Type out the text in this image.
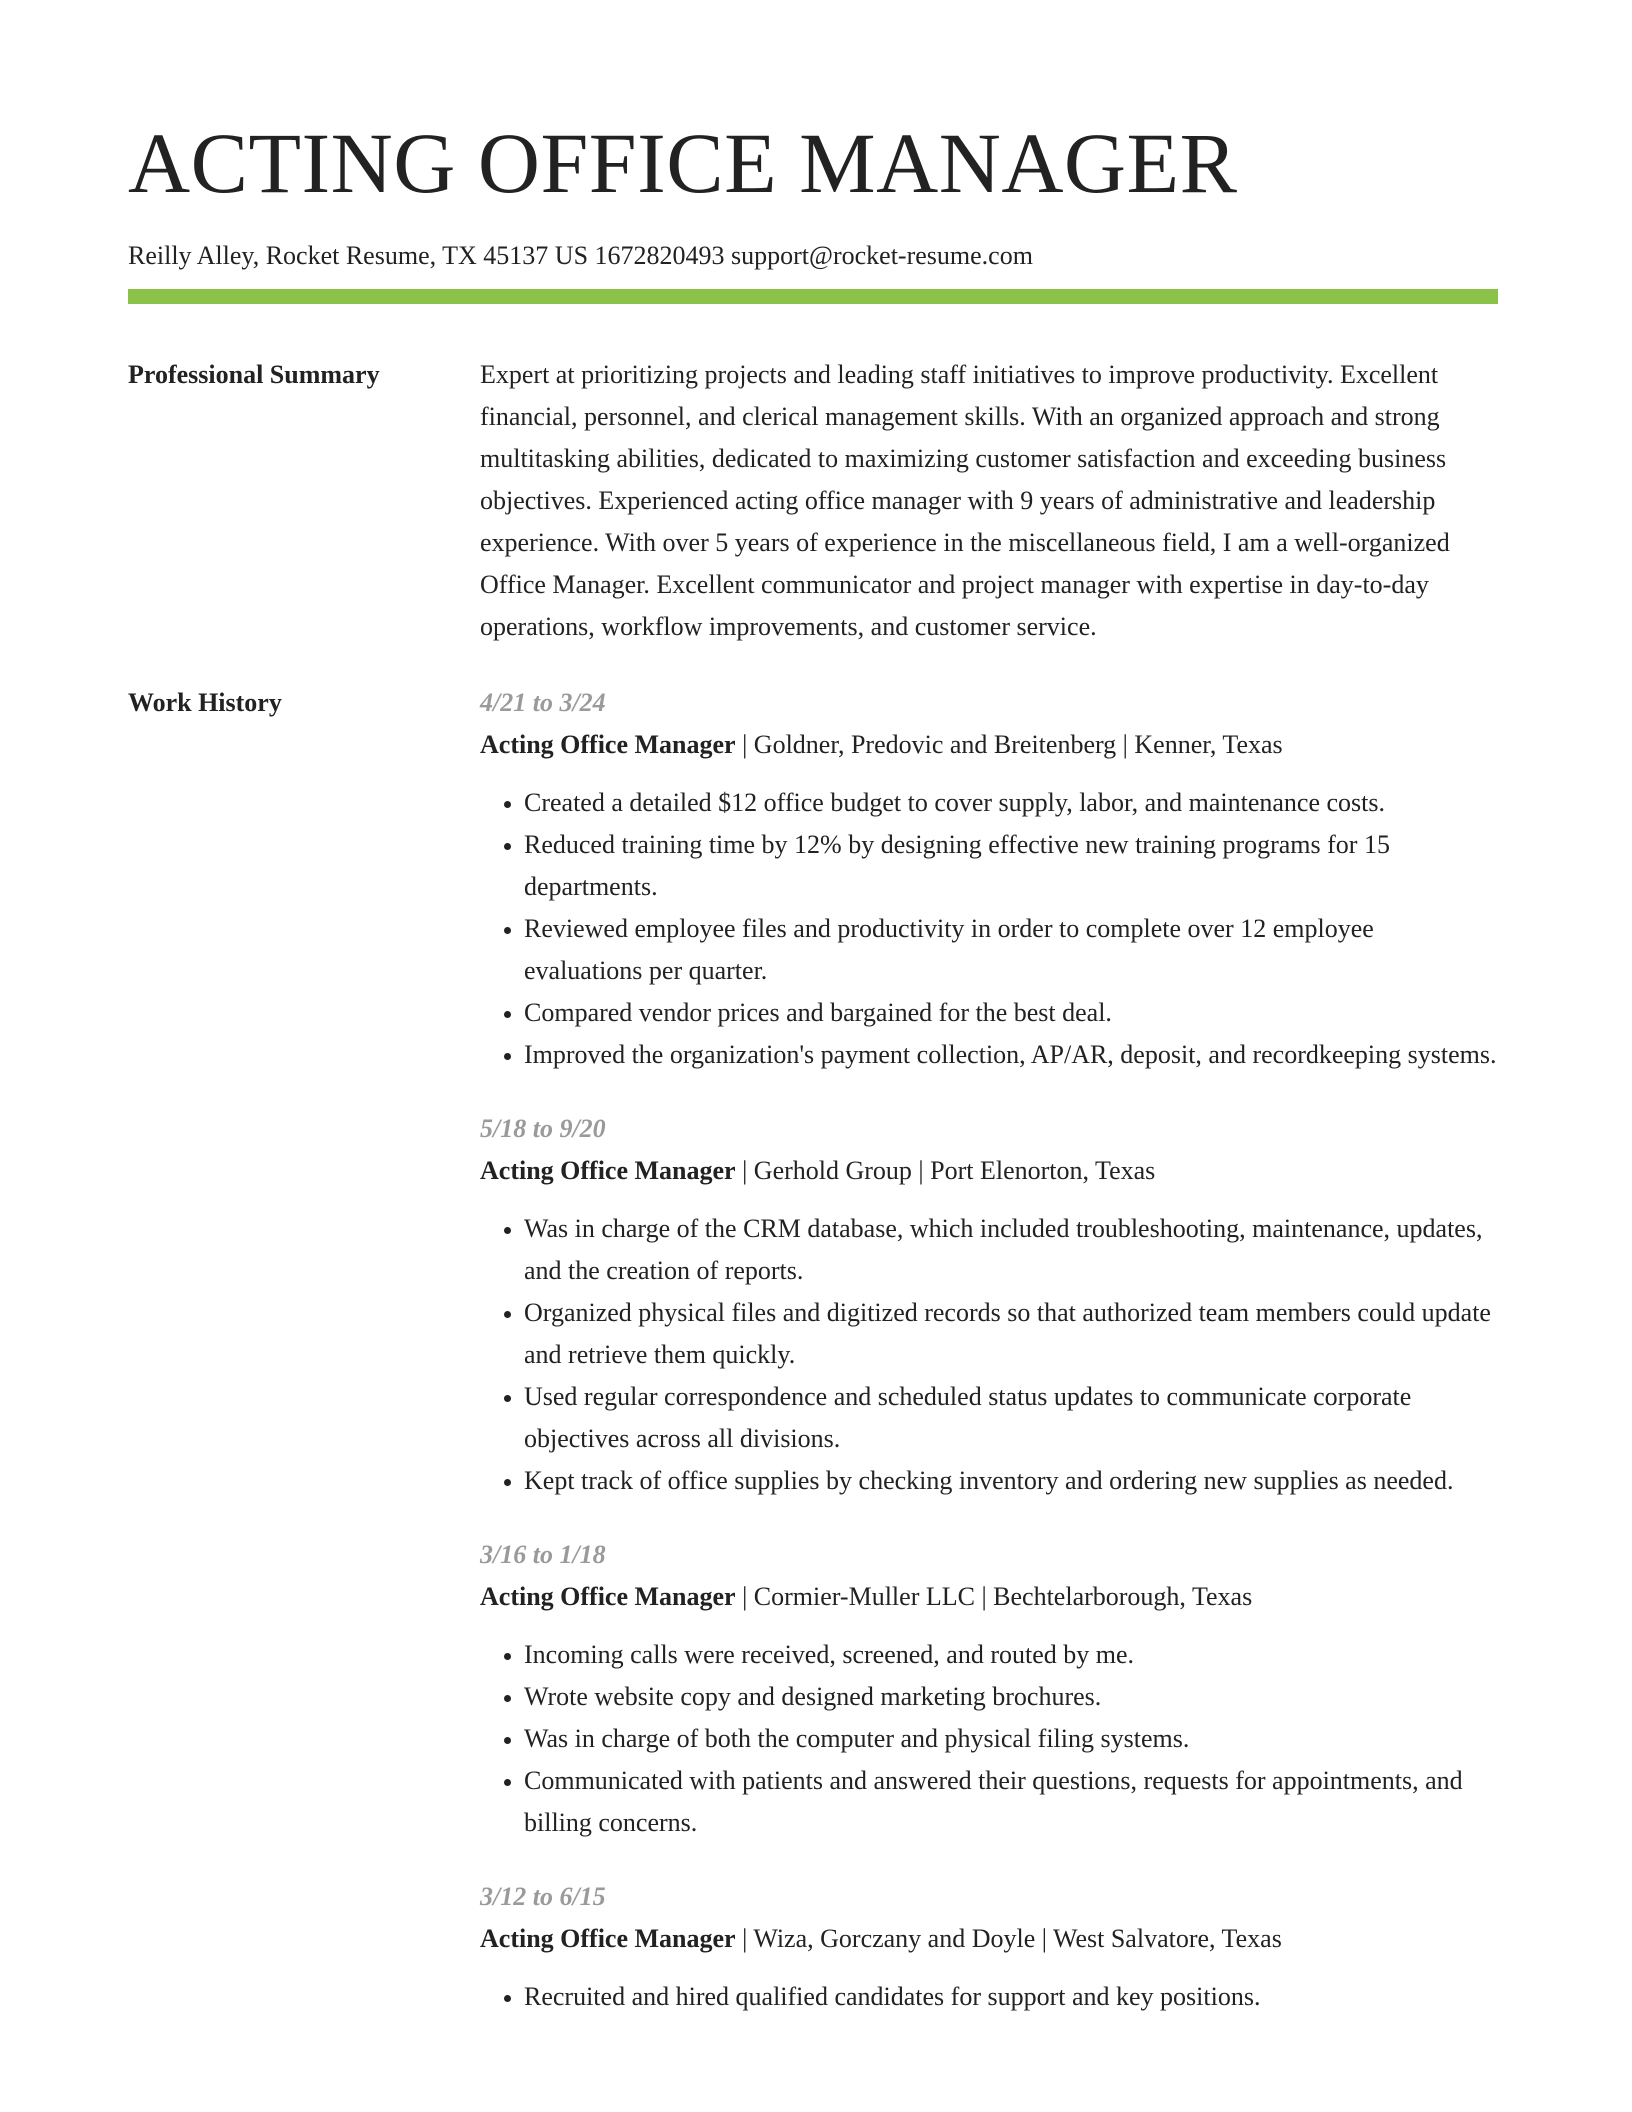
ACTING OFFICE MANAGER
Reilly Alley, Rocket Resume, TX 45137 US 1672820493 support@rocket-resume.com
Professional Summary	Expert at prioritizing projects and leading staff initiatives to improve productivity. Excellent financial, personnel, and clerical management skills. With an organized approach and strong multitasking abilities, dedicated to maximizing customer satisfaction and exceeding business objectives. Experienced acting office manager with 9 years of administrative and leadership experience. With over 5 years of experience in the miscellaneous field, I am a well-organized Office Manager. Excellent communicator and project manager with expertise in day-to-day operations, workflow improvements, and customer service.

Work History	4/21 to 3/24
Acting Office Manager | Goldner, Predovic and Breitenberg | Kenner, Texas
• Created a detailed $12 office budget to cover supply, labor, and maintenance costs.
• Reduced training time by 12% by designing effective new training programs for 15 departments.
• Reviewed employee files and productivity in order to complete over 12 employee evaluations per quarter.
• Compared vendor prices and bargained for the best deal.
• Improved the organization's payment collection, AP/AR, deposit, and recordkeeping systems.
5/18 to 9/20
Acting Office Manager | Gerhold Group | Port Elenorton, Texas
• Was in charge of the CRM database, which included troubleshooting, maintenance, updates, and the creation of reports.
• Organized physical files and digitized records so that authorized team members could update and retrieve them quickly.
• Used regular correspondence and scheduled status updates to communicate corporate objectives across all divisions.
• Kept track of office supplies by checking inventory and ordering new supplies as needed.
3/16 to 1/18
Acting Office Manager | Cormier-Muller LLC | Bechtelarborough, Texas
• Incoming calls were received, screened, and routed by me.
• Wrote website copy and designed marketing brochures.
• Was in charge of both the computer and physical filing systems.
• Communicated with patients and answered their questions, requests for appointments, and billing concerns.
3/12 to 6/15
Acting Office Manager | Wiza, Gorczany and Doyle | West Salvatore, Texas
• Recruited and hired qualified candidates for support and key positions.
